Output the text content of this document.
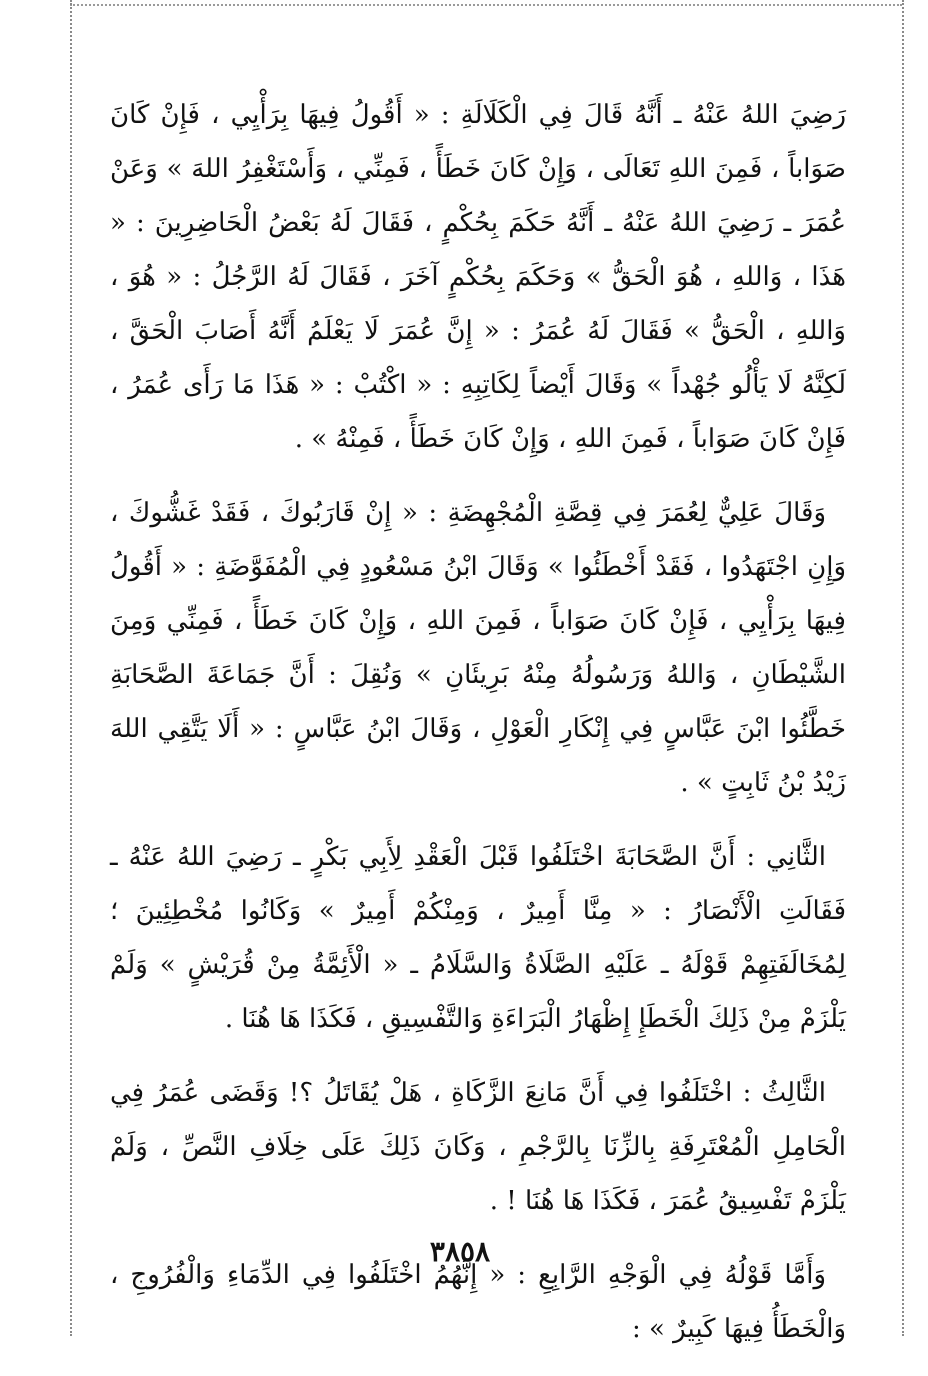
رَضِيَ اللهُ عَنْهُ ـ أَنَّهُ قَالَ فِي الْكَلَالَةِ : « أَقُولُ فِيهَا بِرَأْيِي ، فَإِنْ كَانَ صَوَاباً ، فَمِنَ اللهِ تَعَالَى ، وَإِنْ كَانَ خَطَأً ، فَمِنِّي ، وَأَسْتَغْفِرُ اللهَ » وَعَنْ عُمَرَ ـ رَضِيَ اللهُ عَنْهُ ـ أَنَّهُ حَكَمَ بِحُكْمٍ ، فَقَالَ لَهُ بَعْضُ الْحَاضِرِينَ : « هَذَا ، وَاللهِ ، هُوَ الْحَقُّ » وَحَكَمَ بِحُكْمٍ آخَرَ ، فَقَالَ لَهُ الرَّجُلُ : « هُوَ ، وَاللهِ ، الْحَقُّ » فَقَالَ لَهُ عُمَرُ : « إِنَّ عُمَرَ لَا يَعْلَمُ أَنَّهُ أَصَابَ الْحَقَّ ، لَكِنَّهُ لَا يَأْلُو جُهْداً » وَقَالَ أَيْضاً لِكَاتِبِهِ : « اكْتُبْ : « هَذَا مَا رَأَى عُمَرُ ، فَإِنْ كَانَ صَوَاباً ، فَمِنَ اللهِ ، وَإِنْ كَانَ خَطَأً ، فَمِنْهُ » .

وَقَالَ عَلِيٌّ لِعُمَرَ فِي قِصَّةِ الْمُجْهِضَةِ : « إِنْ قَارَبُوكَ ، فَقَدْ غَشُّوكَ ، وَإِنِ اجْتَهَدُوا ، فَقَدْ أَخْطَئُوا » وَقَالَ ابْنُ مَسْعُودٍ فِي الْمُفَوَّضَةِ : « أَقُولُ فِيهَا بِرَأْيِي ، فَإِنْ كَانَ صَوَاباً ، فَمِنَ اللهِ ، وَإِنْ كَانَ خَطَأً ، فَمِنِّي وَمِنَ الشَّيْطَانِ ، وَاللهُ وَرَسُولُهُ مِنْهُ بَرِيئَانِ » وَنُقِلَ : أَنَّ جَمَاعَةَ الصَّحَابَةِ خَطَّئُوا ابْنَ عَبَّاسٍ فِي إِنْكَارِ الْعَوْلِ ، وَقَالَ ابْنُ عَبَّاسٍ : « أَلَا يَتَّقِي اللهَ زَيْدُ بْنُ ثَابِتٍ » .

الثَّانِي : أَنَّ الصَّحَابَةَ اخْتَلَفُوا قَبْلَ الْعَقْدِ لِأَبِي بَكْرٍ ـ رَضِيَ اللهُ عَنْهُ ـ فَقَالَتِ الْأَنْصَارُ : « مِنَّا أَمِيرٌ ، وَمِنْكُمْ أَمِيرٌ » وَكَانُوا مُخْطِئِينَ ؛ لِمُخَالَفَتِهِمْ قَوْلَهُ ـ عَلَيْهِ الصَّلَاةُ وَالسَّلَامُ ـ « الْأَئِمَّةُ مِنْ قُرَيْشٍ » وَلَمْ يَلْزَمْ مِنْ ذَلِكَ الْخَطَإِ إِظْهَارُ الْبَرَاءَةِ وَالتَّفْسِيقِ ، فَكَذَا هَا هُنَا .

الثَّالِثُ : اخْتَلَفُوا فِي أَنَّ مَانِعَ الزَّكَاةِ ، هَلْ يُقَاتَلُ ؟! وَقَضَى عُمَرُ فِي الْحَامِلِ الْمُعْتَرِفَةِ بِالزِّنَا بِالرَّجْمِ ، وَكَانَ ذَلِكَ عَلَى خِلَافِ النَّصِّ ، وَلَمْ يَلْزَمْ تَفْسِيقُ عُمَرَ ، فَكَذَا هَا هُنَا ! .

وَأَمَّا قَوْلُهُ فِي الْوَجْهِ الرَّابِعِ : « إِنَّهُمُ اخْتَلَفُوا فِي الدِّمَاءِ وَالْفُرُوجِ ، وَالْخَطَأُ فِيهَا كَبِيرٌ » :

٣٨٥٨
